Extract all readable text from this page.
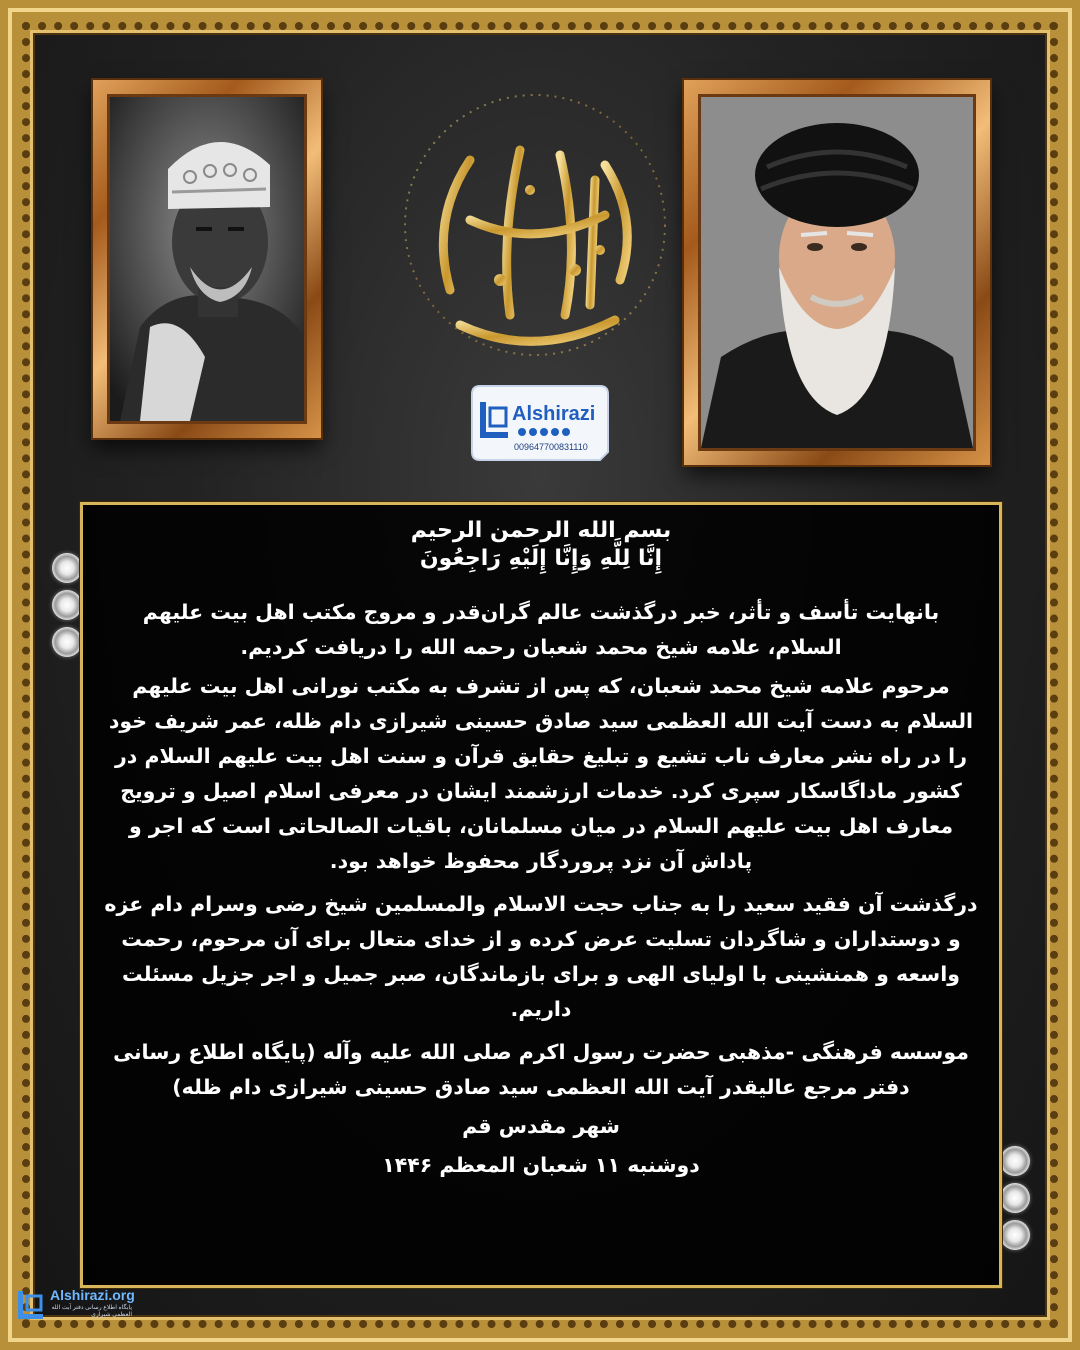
Alshirazi
009647700831110
بسم الله الرحمن الرحيم
إِنَّا لِلَّهِ وَإِنَّا إِلَيْهِ رَاجِعُونَ
بانهایت تأسف و تأثر، خبر درگذشت عالم گران‌قدر و مروج مکتب اهل بیت علیهم السلام، علامه شیخ محمد شعبان رحمه الله را دریافت کردیم.
مرحوم علامه شیخ محمد شعبان، که پس از تشرف به مکتب نورانی اهل بیت علیهم السلام به دست آیت الله العظمی سید صادق حسینی شیرازی دام ظله، عمر شریف خود را در راه نشر معارف ناب تشیع و تبلیغ حقایق قرآن و سنت اهل بیت علیهم السلام در کشور ماداگاسکار سپری کرد. خدمات ارزشمند ایشان در معرفی اسلام اصیل و ترویج معارف اهل بیت علیهم السلام در میان مسلمانان، باقیات الصالحاتی است که اجر و پاداش آن نزد پروردگار محفوظ خواهد بود.
درگذشت آن فقید سعید را به جناب حجت الاسلام والمسلمین شیخ رضی وسرام دام عزه و دوستداران و شاگردان تسلیت عرض کرده و از خدای متعال برای آن مرحوم، رحمت واسعه و همنشینی با اولیای الهی و برای بازماندگان، صبر جمیل و اجر جزیل مسئلت داریم.
موسسه فرهنگی -مذهبی حضرت رسول اکرم صلی الله علیه وآله (پایگاه اطلاع رسانی دفتر مرجع عالیقدر آیت الله العظمی سید صادق حسینی شیرازی دام ظله)
شهر مقدس قم
دوشنبه ۱۱ شعبان المعظم ۱۴۴۶
Alshirazi.org
پایگاه اطلاع رسانی دفتر آیت الله العظمی شیرازی
